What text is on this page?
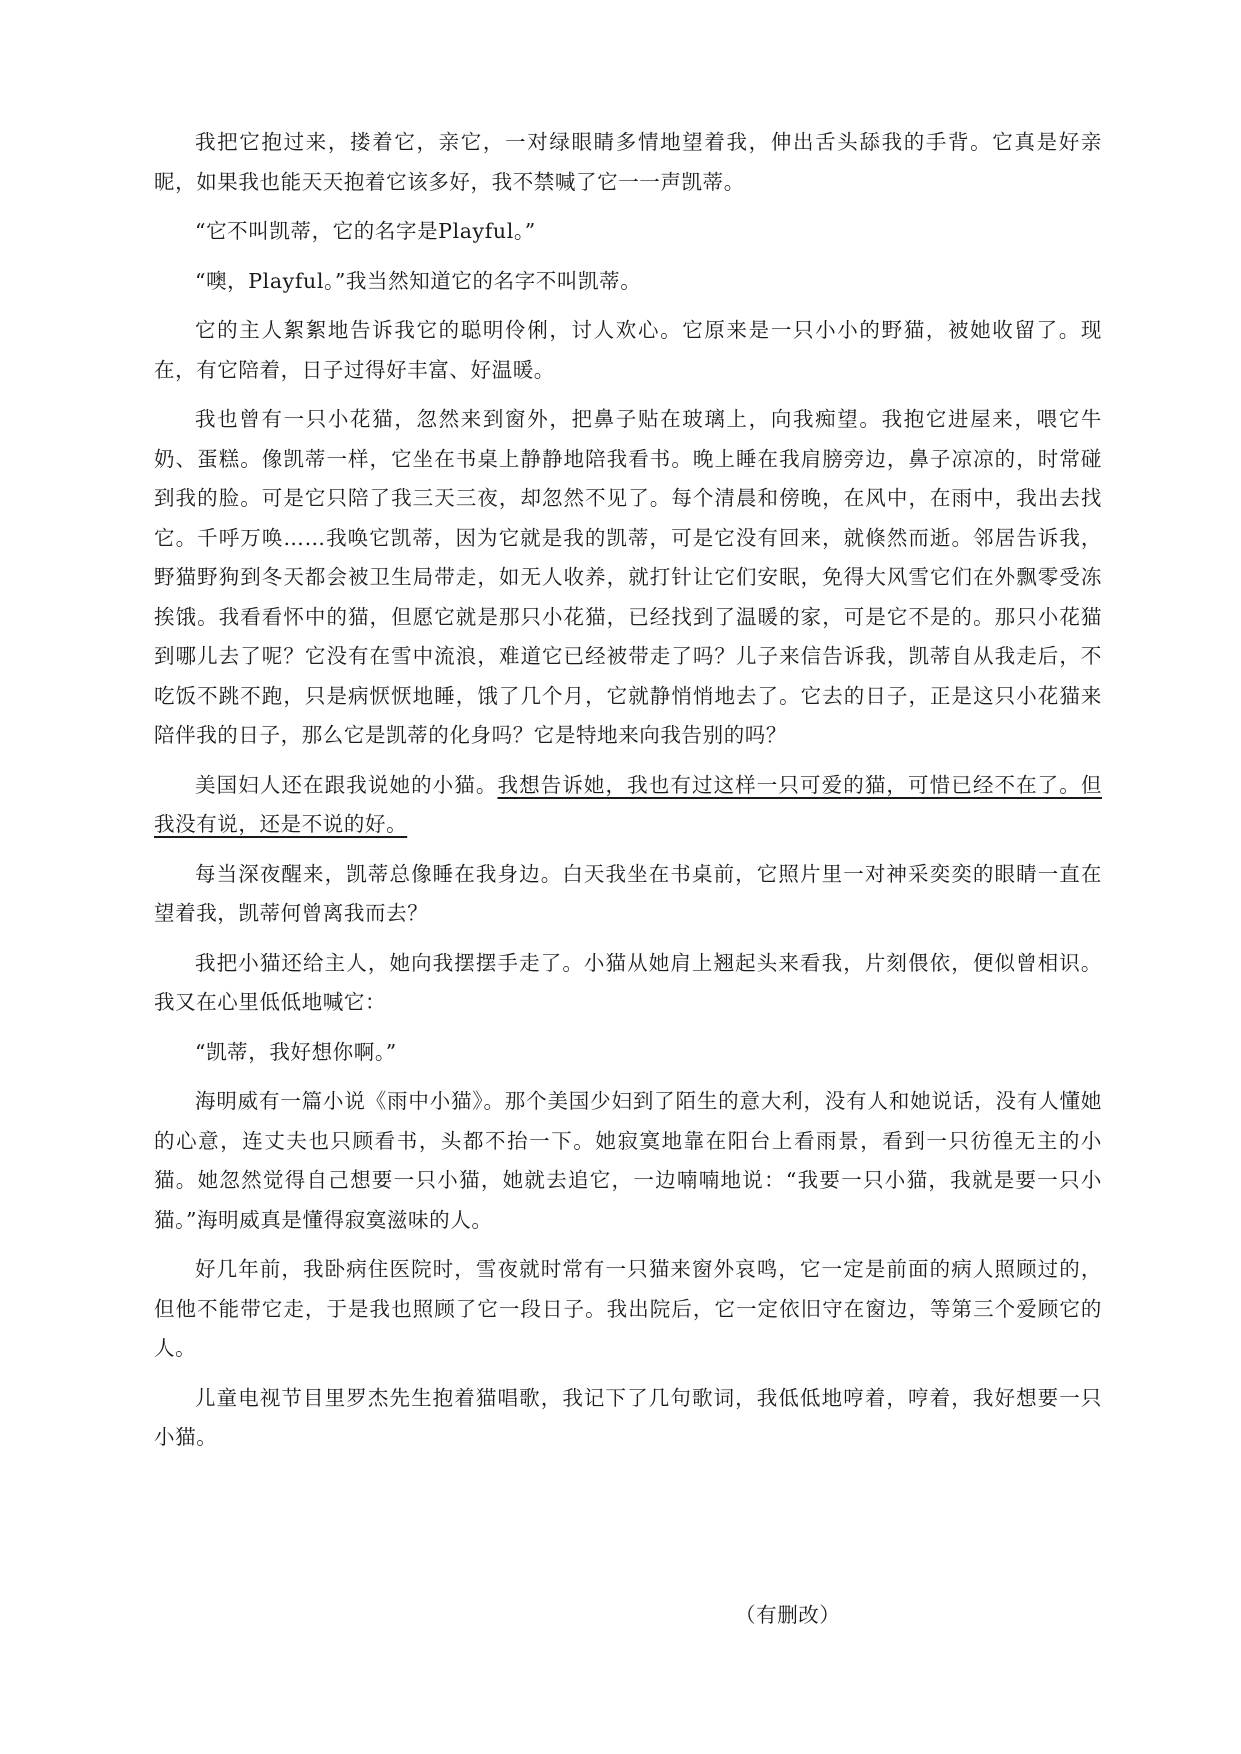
我把它抱过来，搂着它，亲它，一对绿眼睛多情地望着我，伸出舌头舔我的手背。它真是好亲昵，如果我也能天天抱着它该多好，我不禁喊了它一一声凯蒂。

“它不叫凯蒂，它的名字是Playful。”

“噢，Playful。”我当然知道它的名字不叫凯蒂。

它的主人絮絮地告诉我它的聪明伶俐，讨人欢心。它原来是一只小小的野猫，被她收留了。现在，有它陪着，日子过得好丰富、好温暖。

我也曾有一只小花猫，忽然来到窗外，把鼻子贴在玻璃上，向我痴望。我抱它进屋来，喂它牛奶、蛋糕。像凯蒂一样，它坐在书桌上静静地陪我看书。晚上睡在我肩膀旁边，鼻子凉凉的，时常碰到我的脸。可是它只陪了我三天三夜，却忽然不见了。每个清晨和傍晚，在风中，在雨中，我出去找它。千呼万唤……我唤它凯蒂，因为它就是我的凯蒂，可是它没有回来，就倏然而逝。邻居告诉我，野猫野狗到冬天都会被卫生局带走，如无人收养，就打针让它们安眠，免得大风雪它们在外飘零受冻挨饿。我看看怀中的猫，但愿它就是那只小花猫，已经找到了温暖的家，可是它不是的。那只小花猫到哪儿去了呢？它没有在雪中流浪，难道它已经被带走了吗？儿子来信告诉我，凯蒂自从我走后，不吃饭不跳不跑，只是病恹恹地睡，饿了几个月，它就静悄悄地去了。它去的日子，正是这只小花猫来陪伴我的日子，那么它是凯蒂的化身吗？它是特地来向我告别的吗？

美国妇人还在跟我说她的小猫。我想告诉她，我也有过这样一只可爱的猫，可惜已经不在了。但我没有说，还是不说的好。

每当深夜醒来，凯蒂总像睡在我身边。白天我坐在书桌前，它照片里一对神采奕奕的眼睛一直在望着我，凯蒂何曾离我而去？

我把小猫还给主人，她向我摆摆手走了。小猫从她肩上翘起头来看我，片刻偎依，便似曾相识。我又在心里低低地喊它：

“凯蒂，我好想你啊。”

海明威有一篇小说《雨中小猫》。那个美国少妇到了陌生的意大利，没有人和她说话，没有人懂她的心意，连丈夫也只顾看书，头都不抬一下。她寂寞地靠在阳台上看雨景，看到一只彷徨无主的小猫。她忽然觉得自己想要一只小猫，她就去追它，一边喃喃地说：“我要一只小猫，我就是要一只小猫。”海明威真是懂得寂寞滋味的人。

好几年前，我卧病住医院时，雪夜就时常有一只猫来窗外哀鸣，它一定是前面的病人照顾过的，但他不能带它走，于是我也照顾了它一段日子。我出院后，它一定依旧守在窗边，等第三个爱顾它的人。

儿童电视节目里罗杰先生抱着猫唱歌，我记下了几句歌词，我低低地哼着，哼着，我好想要一只小猫。

（有删改）
